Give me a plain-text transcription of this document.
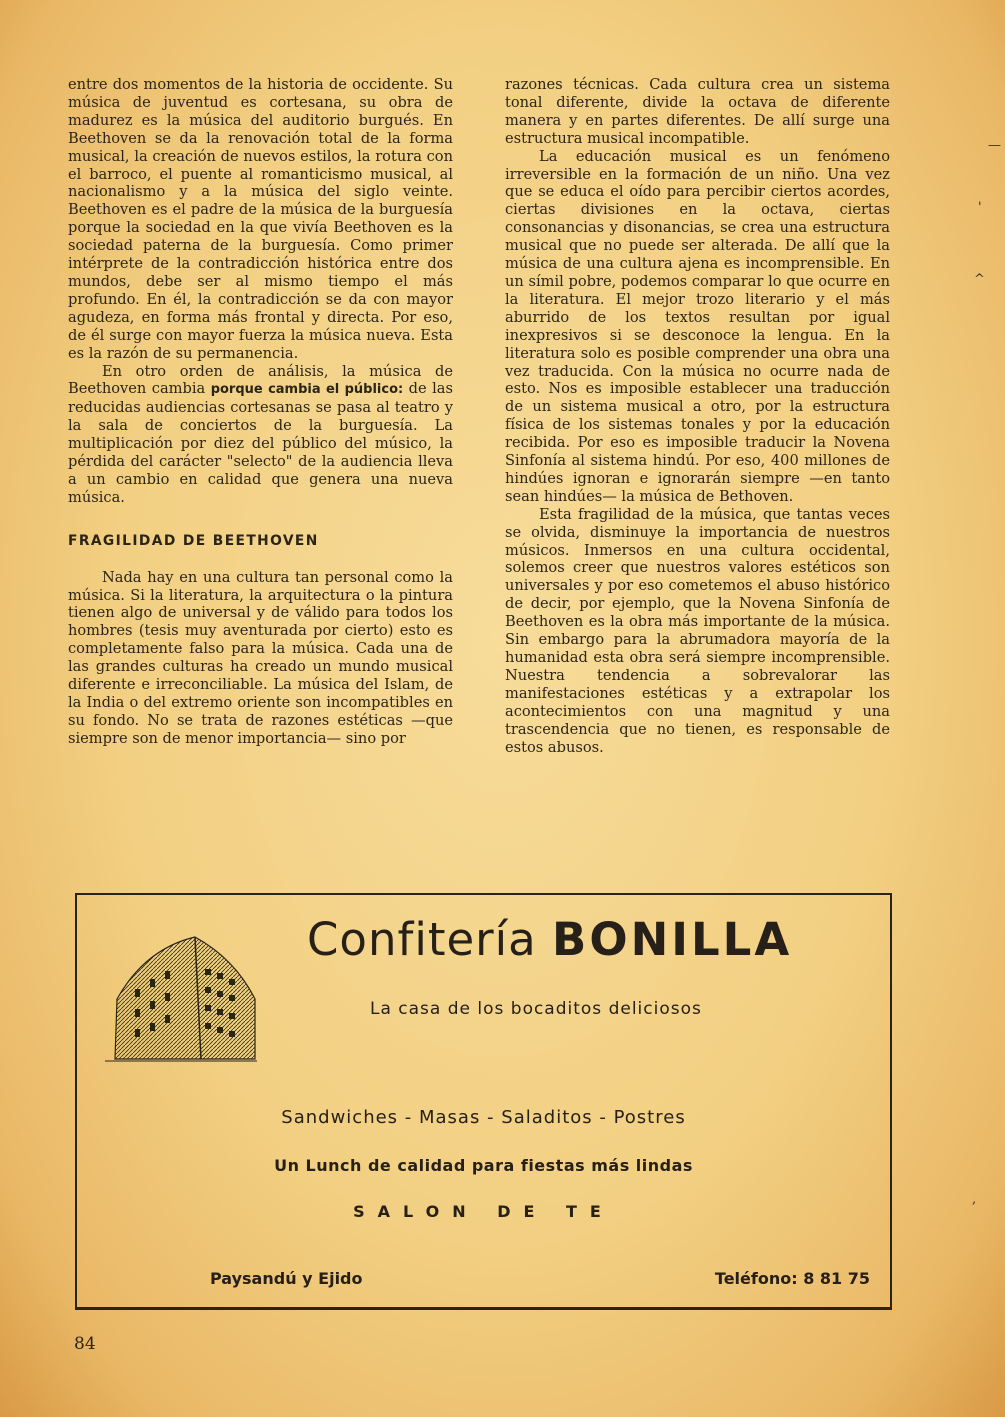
entre dos momentos de la historia de occidente. Su música de juventud es cortesana, su obra de madurez es la música del auditorio burgués. En Beethoven se da la renovación total de la forma musical, la creación de nuevos estilos, la rotura con el barroco, el puente al romanticismo musical, al nacionalismo y a la música del siglo veinte. Beethoven es el padre de la música de la burguesía porque la sociedad en la que vivía Beethoven es la sociedad paterna de la burguesía. Como primer intérprete de la contradicción histórica entre dos mundos, debe ser al mismo tiempo el más profundo. En él, la contradicción se da con mayor agudeza, en forma más frontal y directa. Por eso, de él surge con mayor fuerza la música nueva. Esta es la razón de su permanencia.

En otro orden de análisis, la música de Beethoven cambia porque cambia el público: de las reducidas audiencias cortesanas se pasa al teatro y la sala de conciertos de la burguesía. La multiplicación por diez del público del músico, la pérdida del carácter "selecto" de la audiencia lleva a un cambio en calidad que genera una nueva música.

FRAGILIDAD DE BEETHOVEN

Nada hay en una cultura tan personal como la música. Si la literatura, la arquitectura o la pintura tienen algo de universal y de válido para todos los hombres (tesis muy aventurada por cierto) esto es completamente falso para la música. Cada una de las grandes culturas ha creado un mundo musical diferente e irreconciliable. La música del Islam, de la India o del extremo oriente son incompatibles en su fondo. No se trata de razones estéticas —que siempre son de menor importancia— sino por

razones técnicas. Cada cultura crea un sistema tonal diferente, divide la octava de diferente manera y en partes diferentes. De allí surge una estructura musical incompatible.

La educación musical es un fenómeno irreversible en la formación de un niño. Una vez que se educa el oído para percibir ciertos acordes, ciertas divisiones en la octava, ciertas consonancias y disonancias, se crea una estructura musical que no puede ser alterada. De allí que la música de una cultura ajena es incomprensible. En un símil pobre, podemos comparar lo que ocurre en la literatura. El mejor trozo literario y el más aburrido de los textos resultan por igual inexpresivos si se desconoce la lengua. En la literatura solo es posible comprender una obra una vez traducida. Con la música no ocurre nada de esto. Nos es imposible establecer una traducción de un sistema musical a otro, por la estructura física de los sistemas tonales y por la educación recibida. Por eso es imposible traducir la Novena Sinfonía al sistema hindú. Por eso, 400 millones de hindúes ignoran e ignorarán siempre —en tanto sean hindúes— la música de Bethoven.

Esta fragilidad de la música, que tantas veces se olvida, disminuye la importancia de nuestros músicos. Inmersos en una cultura occidental, solemos creer que nuestros valores estéticos son universales y por eso cometemos el abuso histórico de decir, por ejemplo, que la Novena Sinfonía de Beethoven es la obra más importante de la música. Sin embargo para la abrumadora mayoría de la humanidad esta obra será siempre incomprensible. Nuestra tendencia a sobrevalorar las manifestaciones estéticas y a extrapolar los acontecimientos con una magnitud y una trascendencia que no tienen, es responsable de estos abusos.

Confitería BONILLA
La casa de los bocaditos deliciosos
Sandwiches - Masas - Saladitos - Postres
Un Lunch de calidad para fiestas más lindas
SALON DE TE
Paysandú y Ejido	Teléfono: 8 81 75
84
—
'
^
,
